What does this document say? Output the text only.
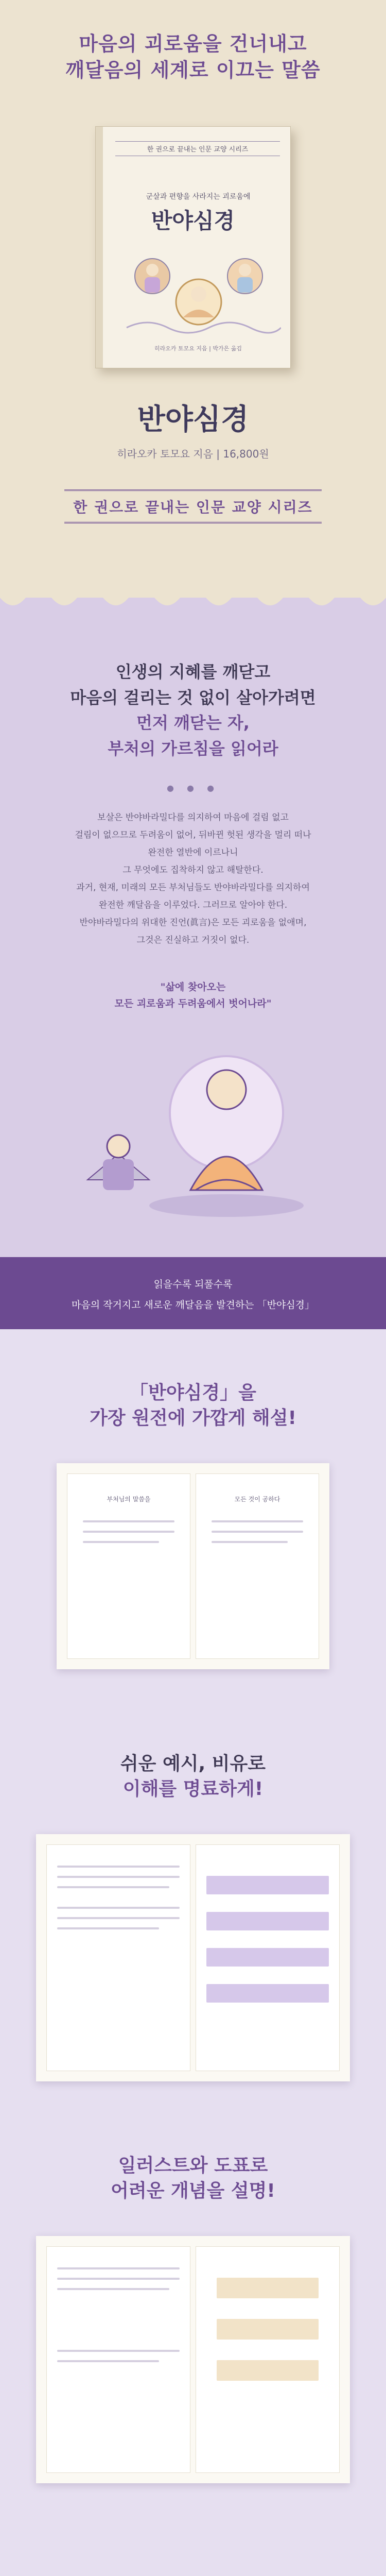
마음의 괴로움을 건너내고
깨달음의 세계로 이끄는 말씀
한 권으로 끝내는 인문 교양 시리즈
군살과 편향을 사라지는 괴로움에
반야심경
히라오카 토모요 지음 | 박가은 옮김
반야심경
히라오카 토모요 지음 | 16,800원
한 권으로 끝내는 인문 교양 시리즈
인생의 지혜를 깨닫고
마음의 걸리는 것 없이 살아가려면
먼저 깨닫는 자,
부처의 가르침을 읽어라
● ● ●
보살은 반야바라밀다를 의지하여 마음에 걸림 없고
걸림이 없으므로 두려움이 없어, 뒤바뀐 헛된 생각을 멀리 떠나
완전한 열반에 이르나니
그 무엇에도 집착하지 않고 해탈한다.
과거, 현재, 미래의 모든 부처님들도 반야바라밀다를 의지하여
완전한 깨달음을 이루었다. 그러므로 알아야 한다.
반야바라밀다의 위대한 진언(眞言)은 모든 괴로움을 없애며,
그것은 진실하고 거짓이 없다.
"삶에 찾아오는
모든 괴로움과 두려움에서 벗어나라"
읽을수록 되풀수록
마음의 작거지고 새로운 깨달음을 발견하는 「반야심경」
「반야심경」을
가장 원전에 가깝게 해설!
부처님의 말씀을	모든 것이 공하다
쉬운 예시, 비유로
이해를 명료하게!
일러스트와 도표로
어려운 개념을 설명!
